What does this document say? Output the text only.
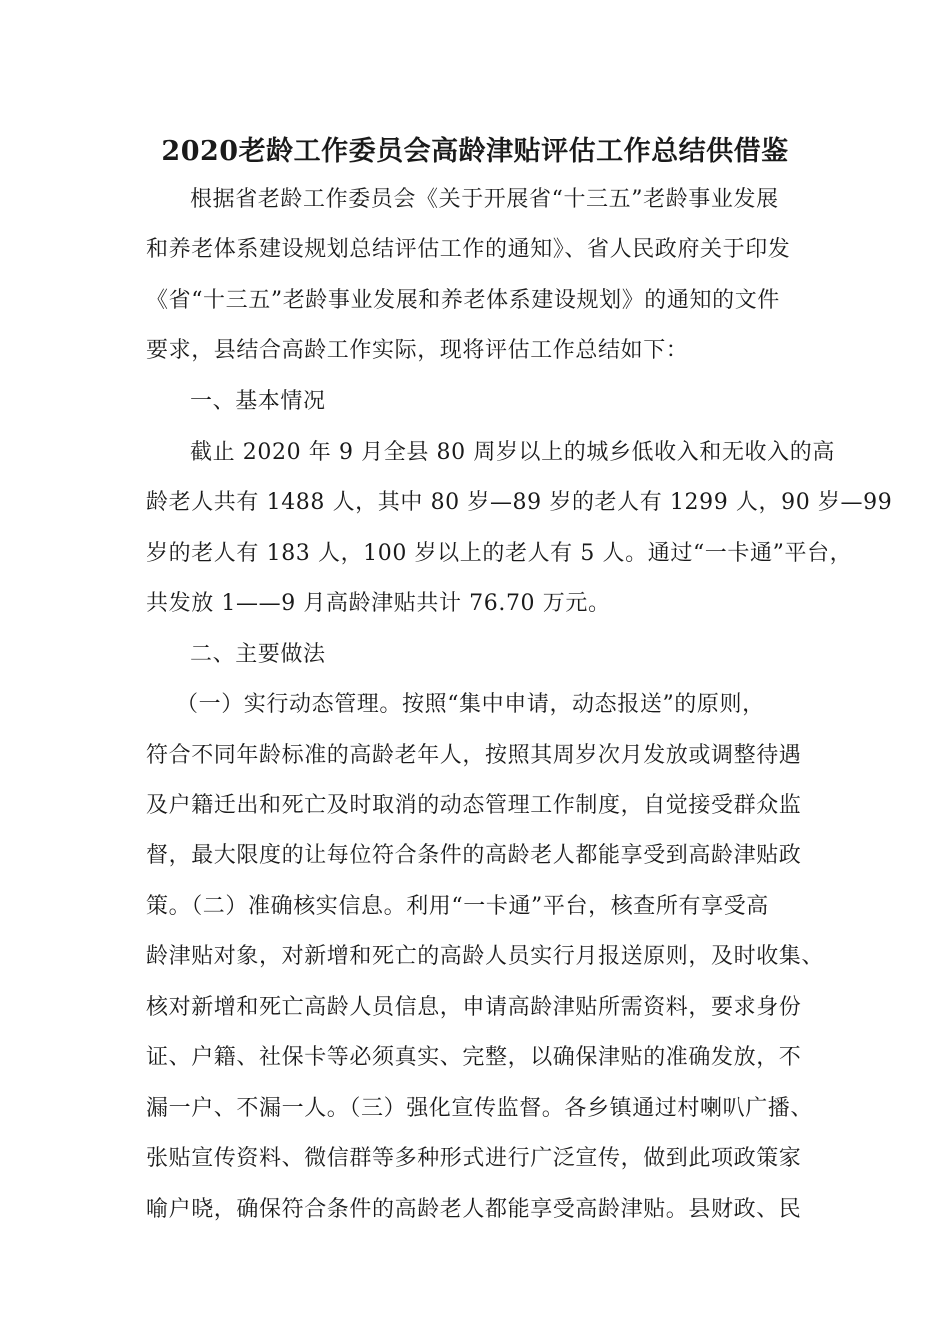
2020老龄工作委员会高龄津贴评估工作总结供借鉴
根据省老龄工作委员会《关于开展省“十三五”老龄事业发展
和养老体系建设规划总结评估工作的通知》、省人民政府关于印发
《省“十三五”老龄事业发展和养老体系建设规划》的通知的文件
要求，县结合高龄工作实际，现将评估工作总结如下：
一、基本情况
截止 2020 年 9 月全县 80 周岁以上的城乡低收入和无收入的高
龄老人共有 1488 人，其中 80 岁—89 岁的老人有 1299 人，90 岁—99
岁的老人有 183 人，100 岁以上的老人有 5 人。通过“一卡通”平台，
共发放 1——9 月高龄津贴共计 76.70 万元。
二、主要做法
（一）实行动态管理。按照“集中申请，动态报送”的原则，
符合不同年龄标准的高龄老年人，按照其周岁次月发放或调整待遇
及户籍迁出和死亡及时取消的动态管理工作制度，自觉接受群众监
督，最大限度的让每位符合条件的高龄老人都能享受到高龄津贴政
策。（二）准确核实信息。利用“一卡通”平台，核查所有享受高
龄津贴对象，对新增和死亡的高龄人员实行月报送原则，及时收集、
核对新增和死亡高龄人员信息，申请高龄津贴所需资料，要求身份
证、户籍、社保卡等必须真实、完整，以确保津贴的准确发放，不
漏一户、不漏一人。（三）强化宣传监督。各乡镇通过村喇叭广播、
张贴宣传资料、微信群等多种形式进行广泛宣传，做到此项政策家
喻户晓，确保符合条件的高龄老人都能享受高龄津贴。县财政、民
